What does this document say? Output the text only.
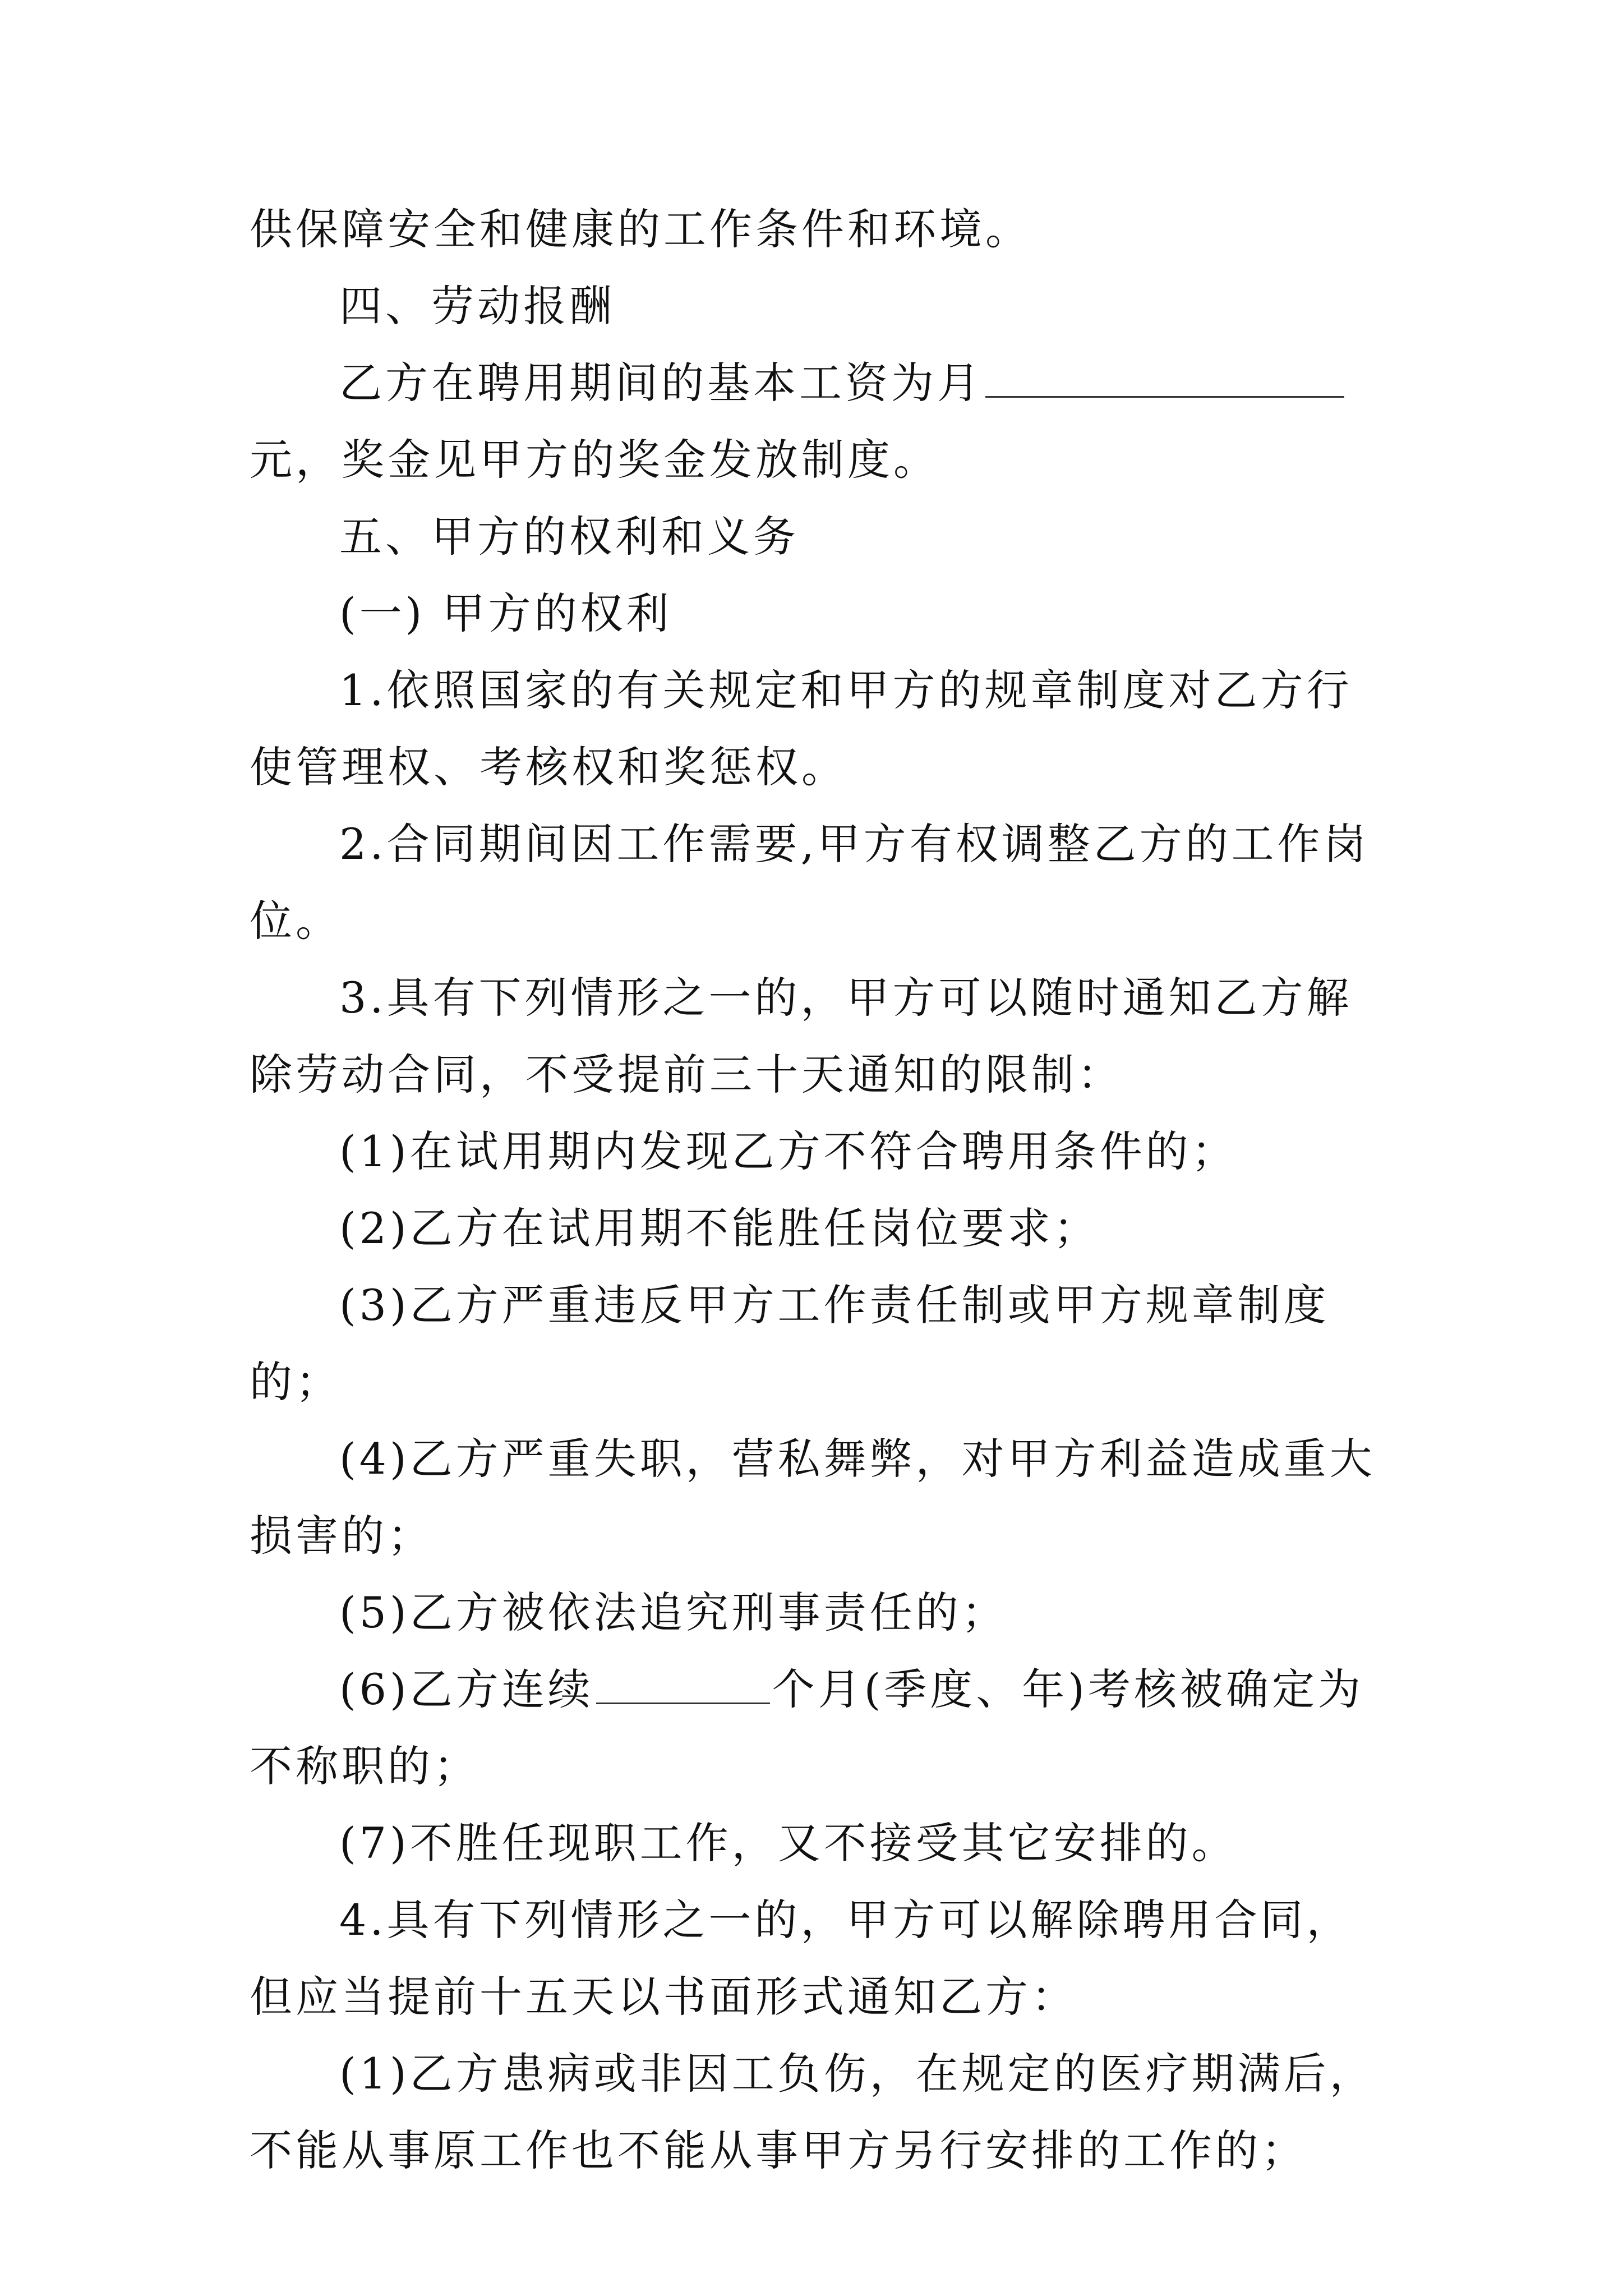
供保障安全和健康的工作条件和环境。

四、劳动报酬

乙方在聘用期间的基本工资为月元，奖金见甲方的奖金发放制度。

五、甲方的权利和义务

(一) 甲方的权利

1.依照国家的有关规定和甲方的规章制度对乙方行使管理权、考核权和奖惩权。

2.合同期间因工作需要,甲方有权调整乙方的工作岗位。

3.具有下列情形之一的，甲方可以随时通知乙方解除劳动合同，不受提前三十天通知的限制：

(1)在试用期内发现乙方不符合聘用条件的；

(2)乙方在试用期不能胜任岗位要求；

(3)乙方严重违反甲方工作责任制或甲方规章制度的；

(4)乙方严重失职，营私舞弊，对甲方利益造成重大损害的；

(5)乙方被依法追究刑事责任的；

(6)乙方连续	个月(季度、年)考核被确定为不称职的；

(7)不胜任现职工作，又不接受其它安排的。

4.具有下列情形之一的，甲方可以解除聘用合同，但应当提前十五天以书面形式通知乙方：

(1)乙方患病或非因工负伤，在规定的医疗期满后，不能从事原工作也不能从事甲方另行安排的工作的；
